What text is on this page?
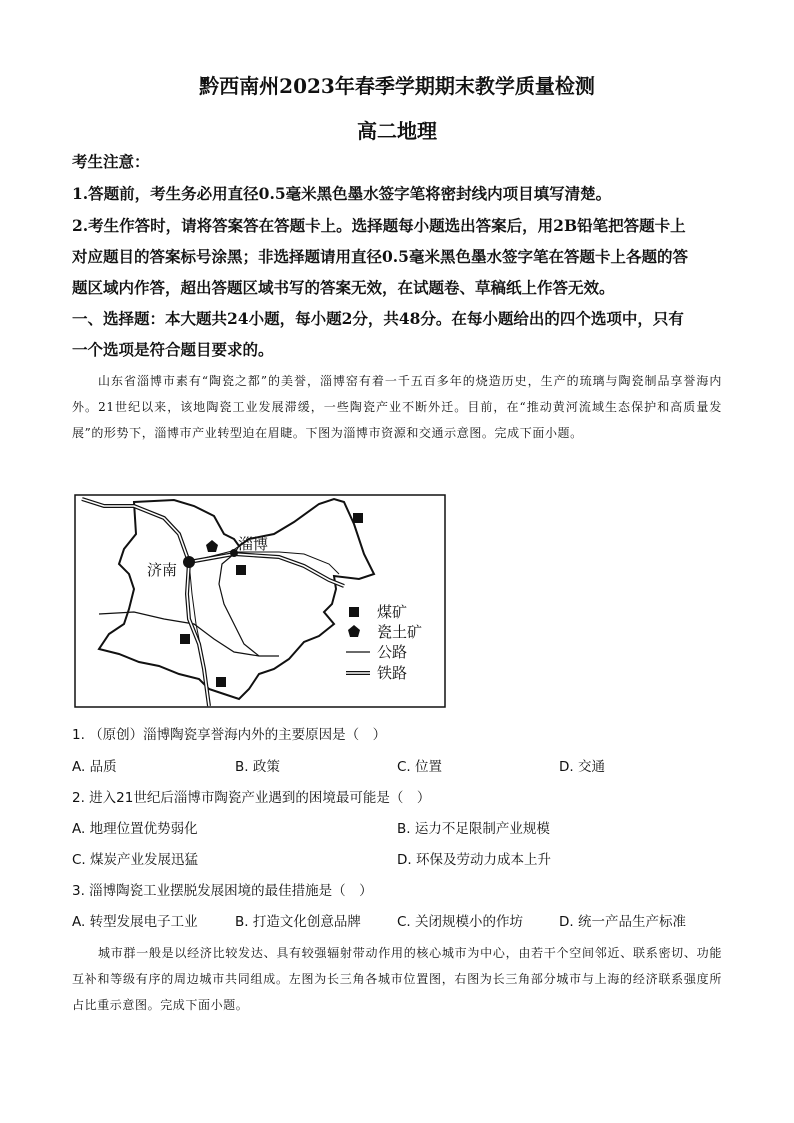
黔西南州2023年春季学期期末教学质量检测
高二地理
考生注意：
1.答题前，考生务必用直径0.5毫米黑色墨水签字笔将密封线内项目填写清楚。
2.考生作答时，请将答案答在答题卡上。选择题每小题选出答案后，用2B铅笔把答题卡上
对应题目的答案标号涂黑；非选择题请用直径0.5毫米黑色墨水签字笔在答题卡上各题的答
题区域内作答，超出答题区域书写的答案无效，在试题卷、草稿纸上作答无效。
一、选择题：本大题共24小题，每小题2分，共48分。在每小题给出的四个选项中，只有
一个选项是符合题目要求的。
山东省淄博市素有“陶瓷之都”的美誉，淄博窑有着一千五百多年的烧造历史，生产的琉璃与陶瓷制品享誉海内外。21世纪以来，该地陶瓷工业发展滞缓，一些陶瓷产业不断外迁。目前，在“推动黄河流域生态保护和高质量发展”的形势下，淄博市产业转型迫在眉睫。下图为淄博市资源和交通示意图。完成下面小题。
济南
淄博
煤矿
瓷土矿
公路
铁路
1. （原创）淄博陶瓷享誉海内外的主要原因是（　）
A. 品质	B. 政策	C. 位置	D. 交通
2. 进入21世纪后淄博市陶瓷产业遇到的困境最可能是（　）
A. 地理位置优势弱化	B. 运力不足限制产业规模
C. 煤炭产业发展迅猛	D. 环保及劳动力成本上升
3. 淄博陶瓷工业摆脱发展困境的最佳措施是（　）
A. 转型发展电子工业	B. 打造文化创意品牌	C. 关闭规模小的作坊	D. 统一产品生产标准
城市群一般是以经济比较发达、具有较强辐射带动作用的核心城市为中心，由若干个空间邻近、联系密切、功能互补和等级有序的周边城市共同组成。左图为长三角各城市位置图，右图为长三角部分城市与上海的经济联系强度所占比重示意图。完成下面小题。
